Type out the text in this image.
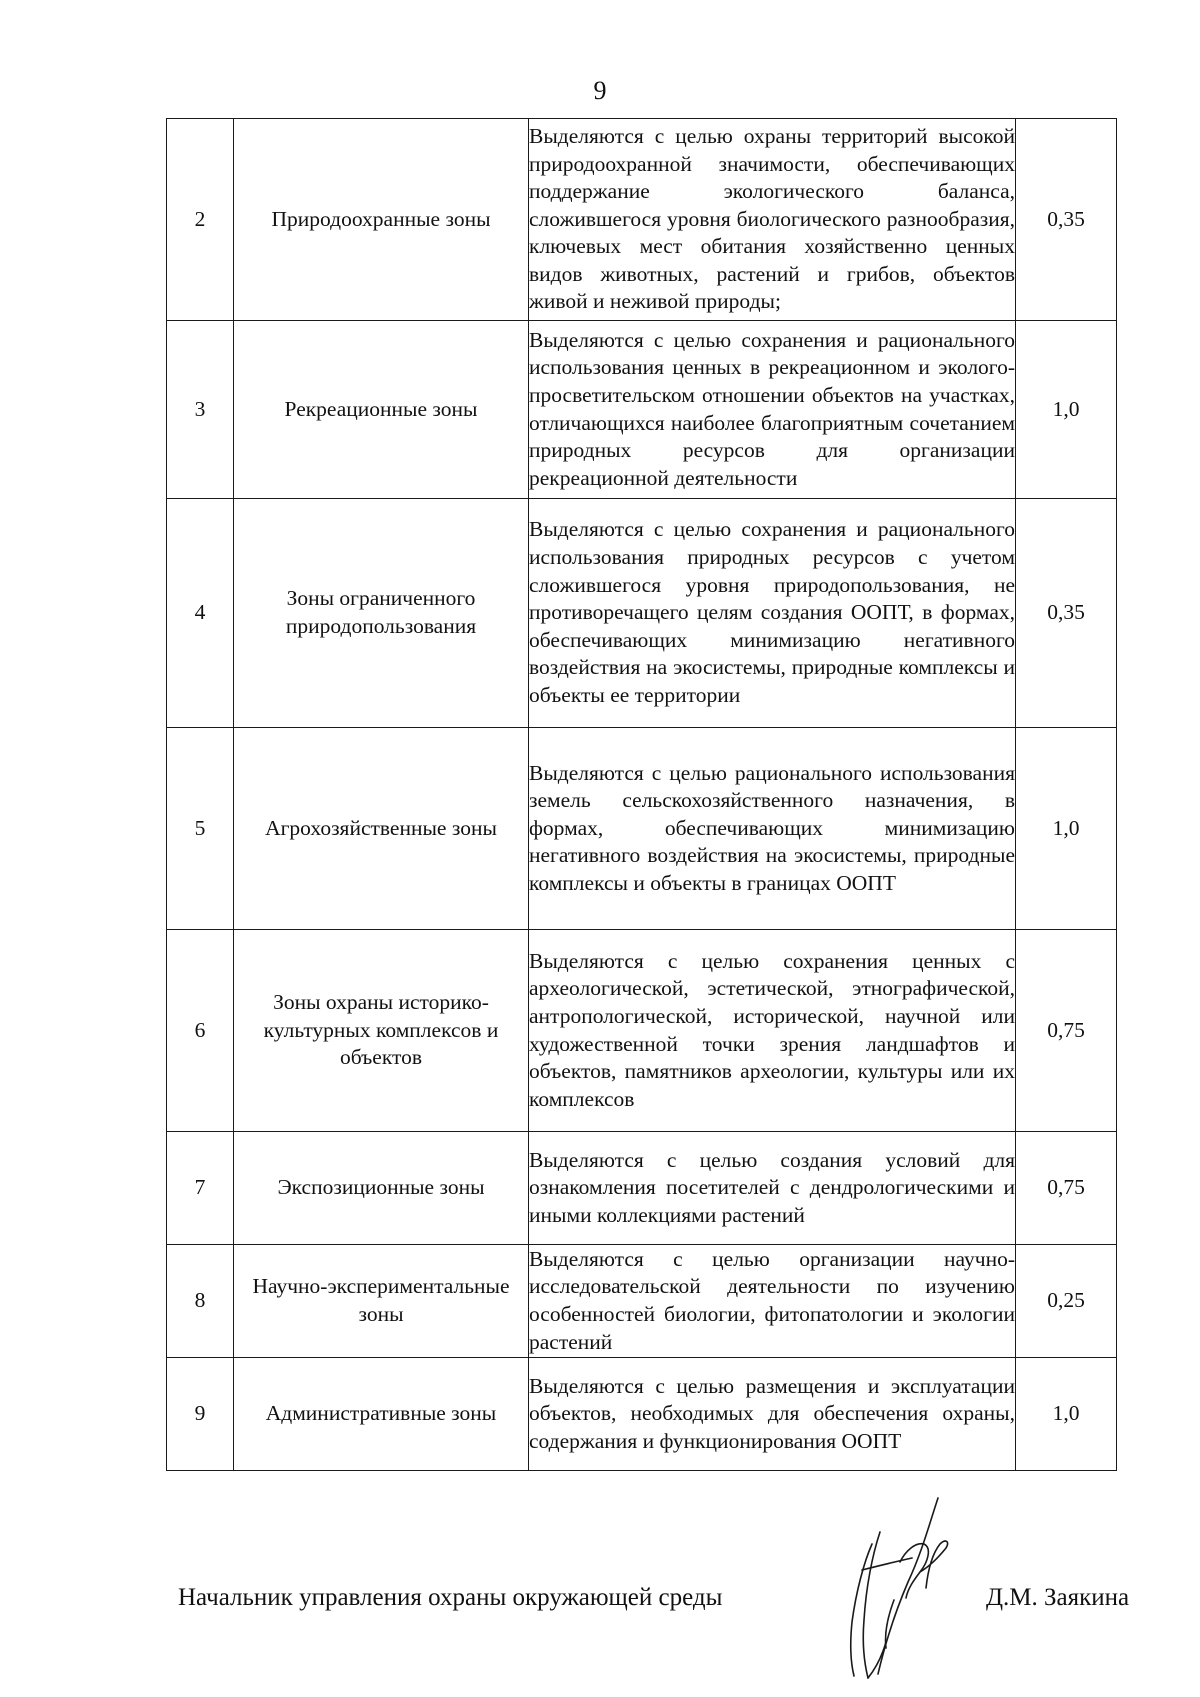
9
2	Природоохранные зоны	Выделяются с целью охраны территорий высокой природоохранной значимости, обеспечивающих поддержание экологического баланса, сложившегося уровня биологического разнообразия, ключевых мест обитания хозяйственно ценных видов животных, растений и грибов, объектов живой и неживой природы;	0,35
3	Рекреационные зоны	Выделяются с целью сохранения и рационального использования ценных в рекреационном и эколого-просветительском отношении объектов на участках, отличающихся наиболее благоприятным сочетанием природных ресурсов для организации рекреационной деятельности	1,0
4	Зоны ограниченного природопользования	Выделяются с целью сохранения и рационального использования природных ресурсов с учетом сложившегося уровня природопользования, не противоречащего целям создания ООПТ, в формах, обеспечивающих минимизацию негативного воздействия на экосистемы, природные комплексы и объекты ее территории	0,35
5	Агрохозяйственные зоны	Выделяются с целью рационального использования земель сельскохозяйственного назначения, в формах, обеспечивающих минимизацию негативного воздействия на экосистемы, природные комплексы и объекты в границах ООПТ	1,0
6	Зоны охраны историко-культурных комплексов и объектов	Выделяются с целью сохранения ценных с археологической, эстетической, этнографической, антропологической, исторической, научной или художественной точки зрения ландшафтов и объектов, памятников археологии, культуры или их комплексов	0,75
7	Экспозиционные зоны	Выделяются с целью создания условий для ознакомления посетителей с дендрологическими и иными коллекциями растений	0,75
8	Научно-экспериментальные зоны	Выделяются с целью организации научно-исследовательской деятельности по изучению особенностей биологии, фитопатологии и экологии растений	0,25
9	Административные зоны	Выделяются с целью размещения и эксплуатации объектов, необходимых для обеспечения охраны, содержания и функционирования ООПТ	1,0
Начальник управления охраны окружающей среды	Д.М. Заякина
